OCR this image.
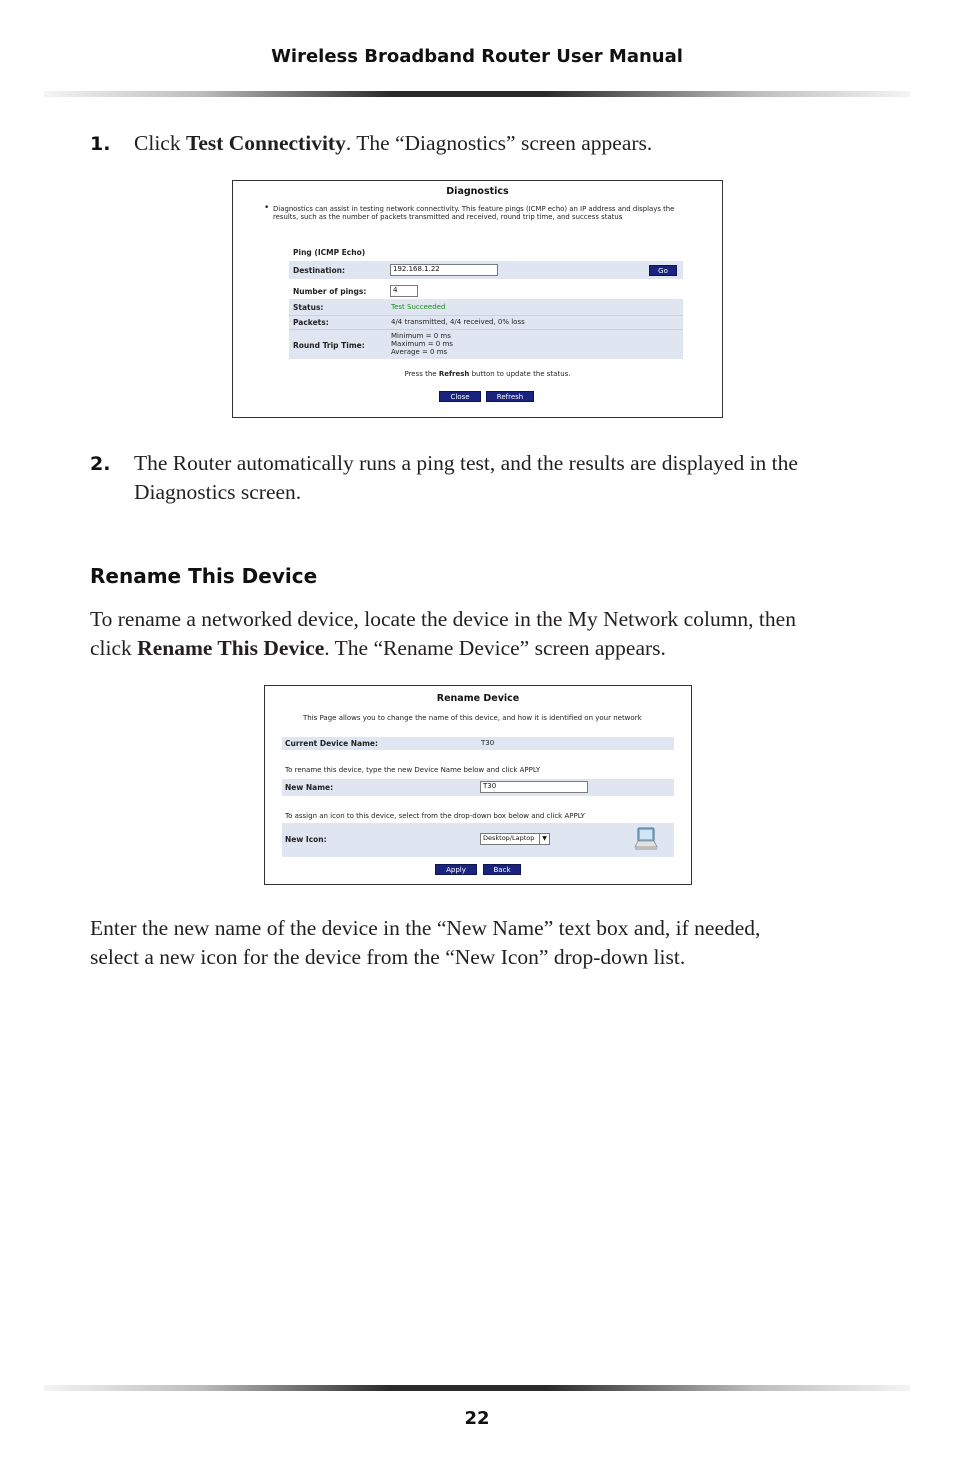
Wireless Broadband Router User Manual
1. Click Test Connectivity. The “Diagnostics” screen appears.
Diagnostics
• Diagnostics can assist in testing network connectivity. This feature pings (ICMP echo) an IP address and displays the
results, such as the number of packets transmitted and received, round trip time, and success status
Ping (ICMP Echo)
Destination:	192.168.1.22	Go
Number of pings:	4
Status:	Test Succeeded
Packets:	4/4 transmitted, 4/4 received, 0% loss
Round Trip Time:
Minimum = 0 ms
Maximum = 0 ms
Average = 0 ms
Press the Refresh button to update the status.
Close	Refresh
2. The Router automatically runs a ping test, and the results are displayed in the
Diagnostics screen.
Rename This Device
To rename a networked device, locate the device in the My Network column, then
click Rename This Device. The “Rename Device” screen appears.
Rename Device
This Page allows you to change the name of this device, and how it is identified on your network
Current Device Name:	T30
To rename this device, type the new Device Name below and click APPLY
New Name:	T30
To assign an icon to this device, select from the drop-down box below and click APPLY
New Icon:	Desktop/Laptop	▼
Apply	Back
Enter the new name of the device in the “New Name” text box and, if needed,
select a new icon for the device from the “New Icon” drop-down list.
22
